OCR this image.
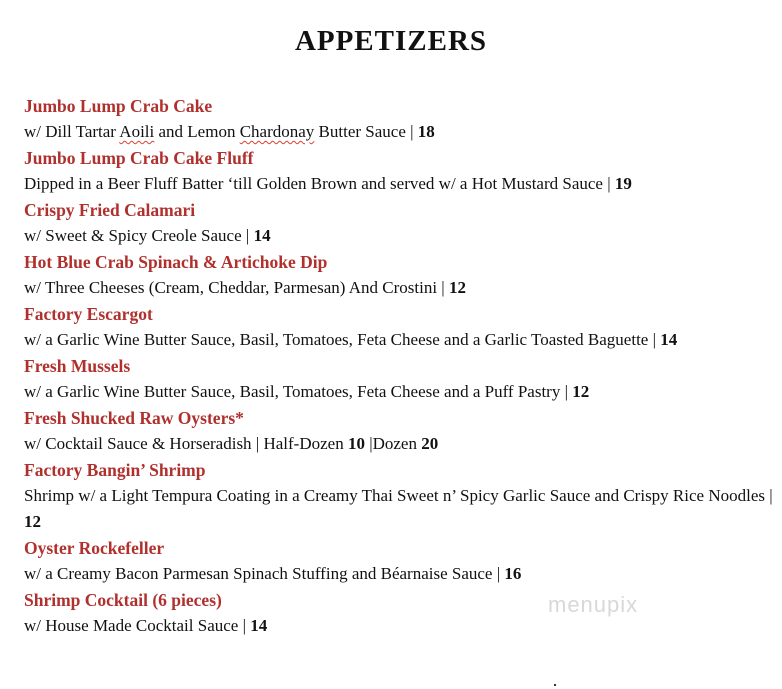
APPETIZERS
Jumbo Lump Crab Cake
w/ Dill Tartar Aoili and Lemon Chardonay Butter Sauce | 18
Jumbo Lump Crab Cake Fluff
Dipped in a Beer Fluff Batter ‘till Golden Brown and served w/ a Hot Mustard Sauce | 19
Crispy Fried Calamari
w/ Sweet & Spicy Creole Sauce | 14
Hot Blue Crab Spinach & Artichoke Dip
w/ Three Cheeses (Cream, Cheddar, Parmesan) And Crostini | 12
Factory Escargot
w/ a Garlic Wine Butter Sauce, Basil, Tomatoes, Feta Cheese and a Garlic Toasted Baguette | 14
Fresh Mussels
w/ a Garlic Wine Butter Sauce, Basil, Tomatoes, Feta Cheese and a Puff Pastry | 12
Fresh Shucked Raw Oysters*
w/ Cocktail Sauce & Horseradish | Half-Dozen 10 |Dozen 20
Factory Bangin’ Shrimp
Shrimp w/ a Light Tempura Coating in a Creamy Thai Sweet n’ Spicy Garlic Sauce and Crispy Rice Noodles | 12
Oyster Rockefeller
w/ a Creamy Bacon Parmesan Spinach Stuffing and Béarnaise Sauce | 16
Shrimp Cocktail (6 pieces)
w/ House Made Cocktail Sauce | 14
menupix
